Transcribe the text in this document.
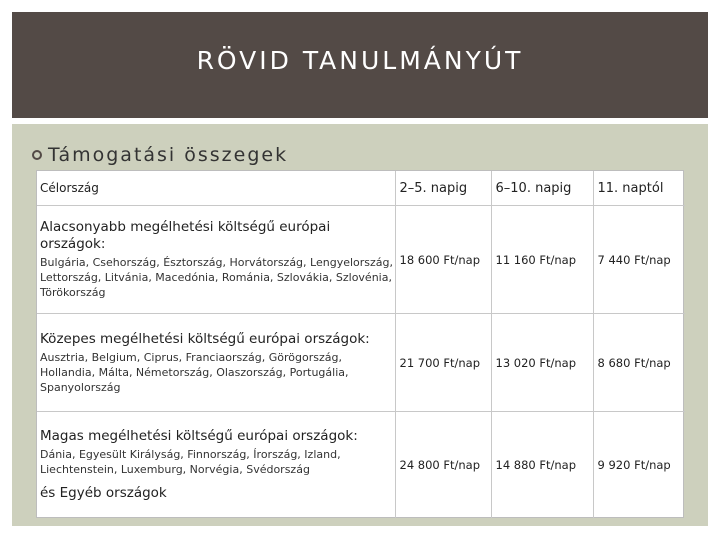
RÖVID TANULMÁNYÚT
Támogatási összegek
Célország	2–5. napig	6–10. napig	11. naptól

Alacsonyabb megélhetési költségű európai országok:
Bulgária, Csehország, Észtország, Horvátország, Lengyelország, Lettország, Litvánia, Macedónia, Románia, Szlovákia, Szlovénia, Törökország	18 600 Ft/nap	11 160 Ft/nap	7 440 Ft/nap

Közepes megélhetési költségű európai országok:
Ausztria, Belgium, Ciprus, Franciaország, Görögország, Hollandia, Málta, Németország, Olaszország, Portugália, Spanyolország	21 700 Ft/nap	13 020 Ft/nap	8 680 Ft/nap

Magas megélhetési költségű európai országok:
Dánia, Egyesült Királyság, Finnország, Írország, Izland, Liechtenstein, Luxemburg, Norvégia, Svédország
és Egyéb országok	24 800 Ft/nap	14 880 Ft/nap	9 920 Ft/nap
